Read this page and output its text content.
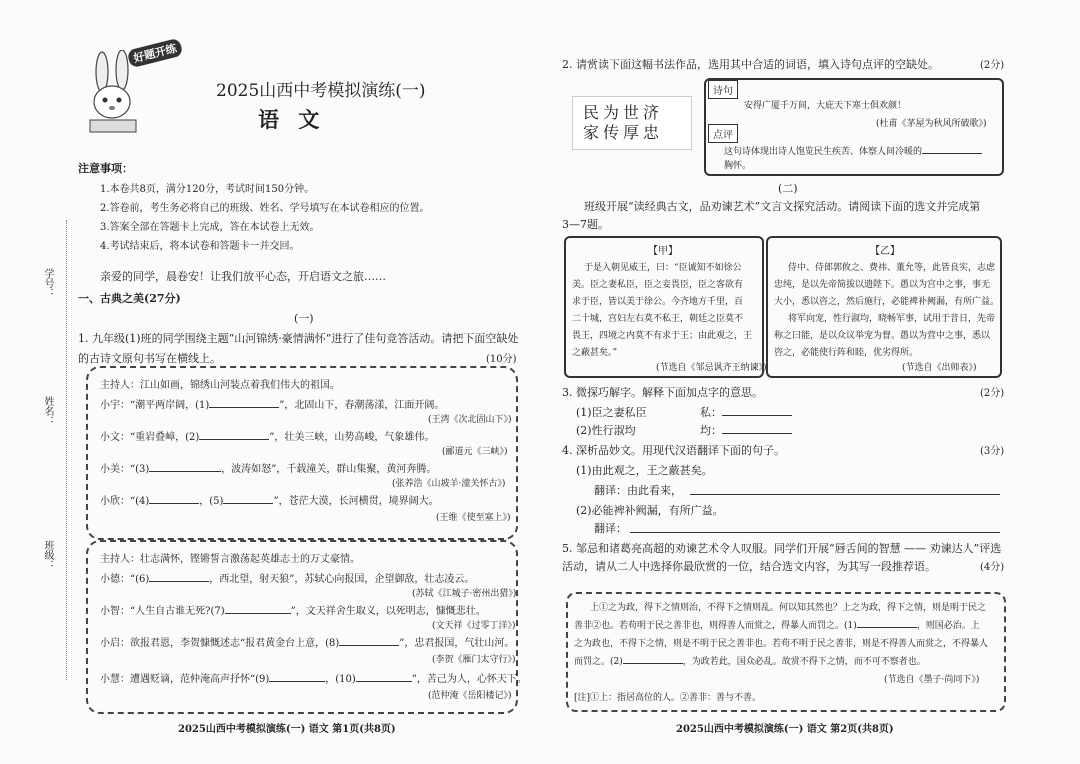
好题开练
2025山西中考模拟演练(一)
语 文
学号：
姓名：
班级：
注意事项：
1.本卷共8页，满分120分，考试时间150分钟。
2.答卷前，考生务必将自己的班级、姓名、学号填写在本试卷相应的位置。
3.答案全部在答题卡上完成，答在本试卷上无效。
4.考试结束后，将本试卷和答题卡一并交回。
亲爱的同学，晨卷安！让我们放平心态，开启语文之旅……
一、古典之美(27分)
(一)
1. 九年级(1)班的同学围绕主题“山河锦绣·豪情满怀”进行了佳句竞答活动。请把下面空缺处
的古诗文原句书写在横线上。	(10分)
主持人：江山如画，锦绣山河装点着我们伟大的祖国。
小宇：“潮平两岸阔，(1)	”，北固山下，春潮荡漾，江面开阔。
(王湾《次北固山下》)
小文：“重岩叠嶂，(2)	”，壮美三峡，山势高峻，气象雄伟。
(郦道元《三峡》)
小美：“(3)	，波涛如怒”，千载潼关，群山集聚，黄河奔腾。
(张养浩《山坡羊·潼关怀古》)
小欣：“(4)	，(5)	”，苍茫大漠，长河横贯，境界阔大。
(王维《使至塞上》)
主持人：壮志满怀，铿锵誓言激荡起英雄志士的万丈豪情。
小德：“(6)	，西北望，射天狼”，苏轼心向报国，企望御敌，壮志凌云。
(苏轼《江城子·密州出猎》)
小智：“人生自古谁无死?(7)	”，文天祥舍生取义，以死明志，慷慨悲壮。
(文天祥《过零丁洋》)
小启：欲报君恩，李贺慷慨述志“报君黄金台上意，(8)	”，忠君报国，气壮山河。
(李贺《雁门太守行》)
小慧：遭遇贬谪，范仲淹高声抒怀“(9)	，(10)	”，苦己为人，心怀天下。
(范仲淹《岳阳楼记》)
2025山西中考模拟演练(一) 语文 第1页(共8页)
2. 请赏读下面这幅书法作品，选用其中合适的词语，填入诗句点评的空缺处。	(2分)
民为世济 家传厚忠
诗句
安得广厦千万间，大庇天下寒士俱欢颜！
(杜甫《茅屋为秋风所破歌》)
点评
这句诗体现出诗人饱览民生疾苦、体察人间冷暖的
胸怀。
(二)
班级开展“读经典古文，品劝谏艺术”文言文探究活动。请阅读下面的选文并完成第
3—7题。
【甲】
于是入朝见威王，曰：“臣诚知不如徐公
美。臣之妻私臣，臣之妾畏臣，臣之客欲有
求于臣，皆以美于徐公。今齐地方千里，百
二十城，宫妇左右莫不私王，朝廷之臣莫不
畏王，四境之内莫不有求于王；由此观之，王
之蔽甚矣。”
(节选自《邹忌讽齐王纳谏》)
【乙】
侍中、侍郎郭攸之、费祎、董允等，此皆良实，志虑
忠纯，是以先帝简拔以遗陛下。愚以为宫中之事，事无
大小，悉以咨之，然后施行，必能裨补阙漏，有所广益。
将军向宠，性行淑均，晓畅军事，试用于昔日，先帝
称之曰能，是以众议举宠为督。愚以为营中之事，悉以
咨之，必能使行阵和睦，优劣得所。
(节选自《出师表》)
3. 微探巧解字。解释下面加点字的意思。	(2分)
(1)臣之妻私臣	私：
(2)性行淑均	均：
4. 深析品妙文。用现代汉语翻译下面的句子。	(3分)
(1)由此观之，王之蔽甚矣。
翻译：由此看来，
(2)必能裨补阙漏，有所广益。
翻译：
5. 邹忌和诸葛亮高超的劝谏艺术令人叹服。同学们开展“唇舌间的智慧 —— 劝谏达人”评选
活动，请从二人中选择你最欣赏的一位，结合选文内容，为其写一段推荐语。	(4分)
上①之为政，得下之情则治，不得下之情则乱。何以知其然也？上之为政，得下之情，则是明于民之
善非②也。若苟明于民之善非也，则得善人而赏之，得暴人而罚之。(1)	，则国必治。上
之为政也，不得下之情，则是不明于民之善非也。若苟不明于民之善非，则是不得善人而赏之，不得暴人
而罚之。(2)	，为政若此，国众必乱。故赏不得下之情，而不可不察者也。
(节选自《墨子·尚同下》)
[注]①上：指居高位的人。②善非：善与不善。
2025山西中考模拟演练(一) 语文 第2页(共8页)
